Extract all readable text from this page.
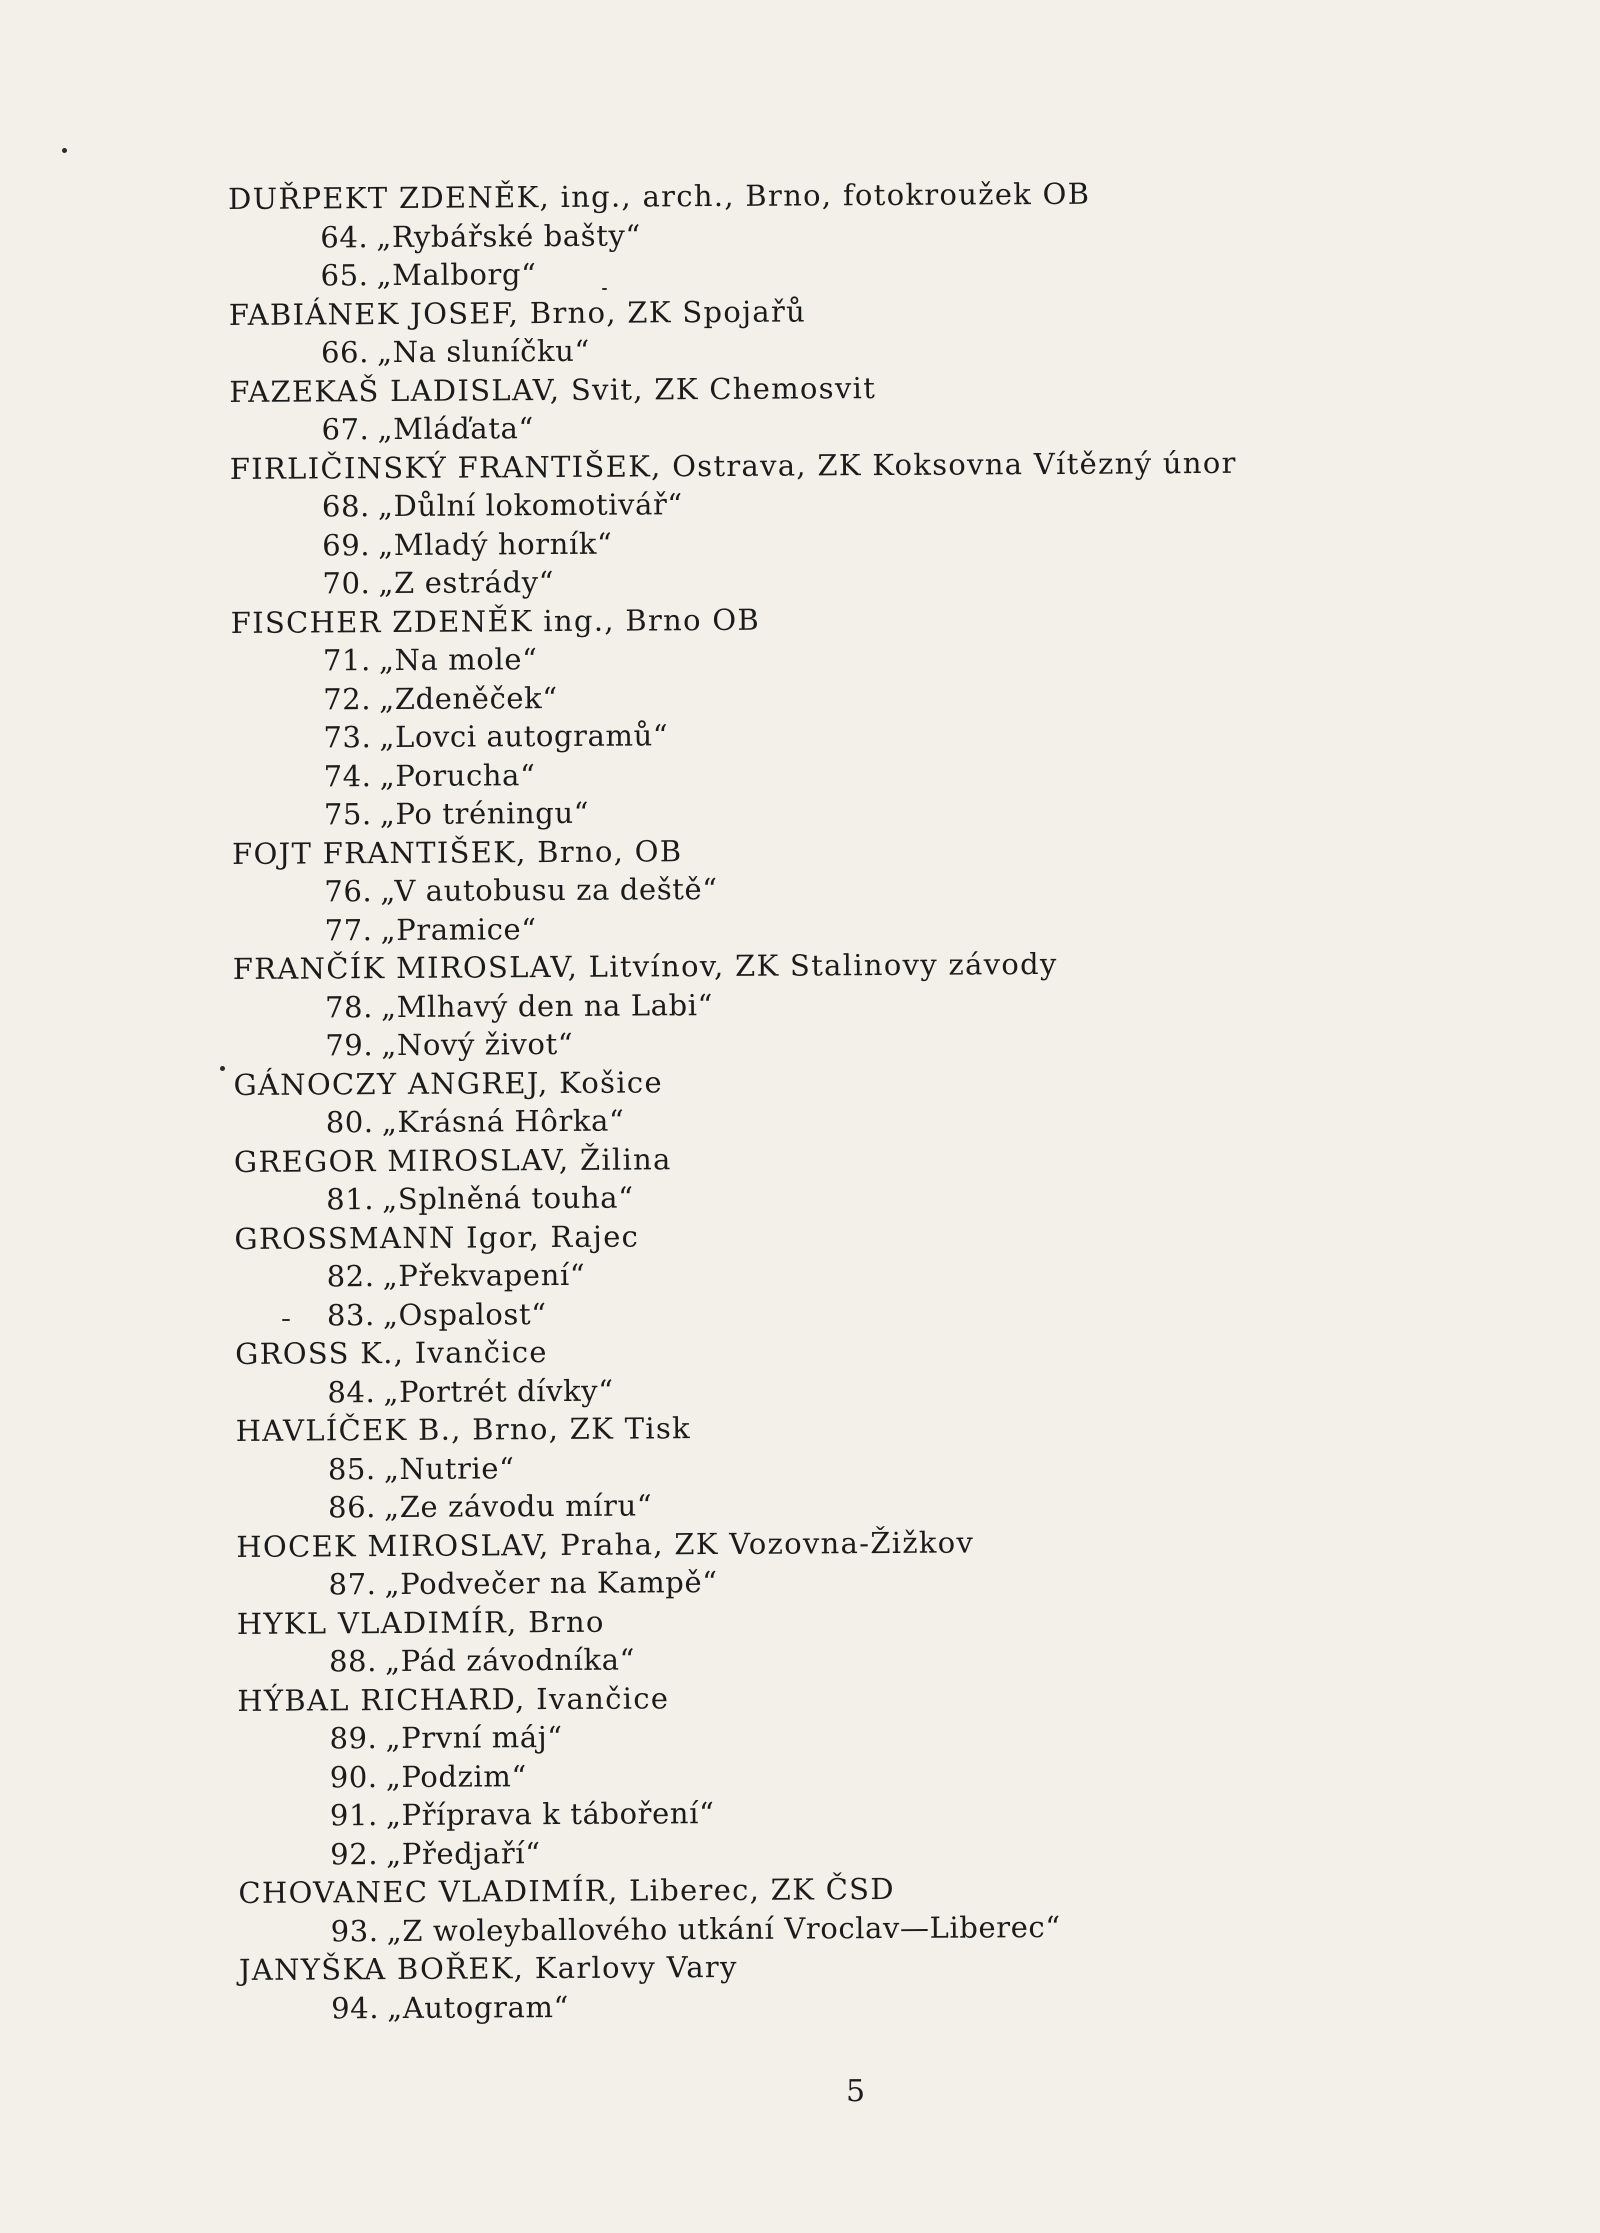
DUŘPEKT ZDENĚK, ing., arch., Brno, fotokroužek OB
64. „Rybářské bašty“
65. „Malborg“
FABIÁNEK JOSEF, Brno, ZK Spojařů
66. „Na sluníčku“
FAZEKAŠ LADISLAV, Svit, ZK Chemosvit
67. „Mláďata“
FIRLIČINSKÝ FRANTIŠEK, Ostrava, ZK Koksovna Vítězný únor
68. „Důlní lokomotivář“
69. „Mladý horník“
70. „Z estrády“
FISCHER ZDENĚK ing., Brno OB
71. „Na mole“
72. „Zdeněček“
73. „Lovci autogramů“
74. „Porucha“
75. „Po tréningu“
FOJT FRANTIŠEK, Brno, OB
76. „V autobusu za deště“
77. „Pramice“
FRANČÍK MIROSLAV, Litvínov, ZK Stalinovy závody
78. „Mlhavý den na Labi“
79. „Nový život“
GÁNOCZY ANGREJ, Košice
80. „Krásná Hôrka“
GREGOR MIROSLAV, Žilina
81. „Splněná touha“
GROSSMANN Igor, Rajec
82. „Překvapení“
83. „Ospalost“
GROSS K., Ivančice
84. „Portrét dívky“
HAVLÍČEK B., Brno, ZK Tisk
85. „Nutrie“
86. „Ze závodu míru“
HOCEK MIROSLAV, Praha, ZK Vozovna-Žižkov
87. „Podvečer na Kampě“
HYKL VLADIMÍR, Brno
88. „Pád závodníka“
HÝBAL RICHARD, Ivančice
89. „První máj“
90. „Podzim“
91. „Příprava k táboření“
92. „Předjaří“
CHOVANEC VLADIMÍR, Liberec, ZK ČSD
93. „Z woleyballového utkání Vroclav—Liberec“
JANYŠKA BOŘEK, Karlovy Vary
94. „Autogram“
5
